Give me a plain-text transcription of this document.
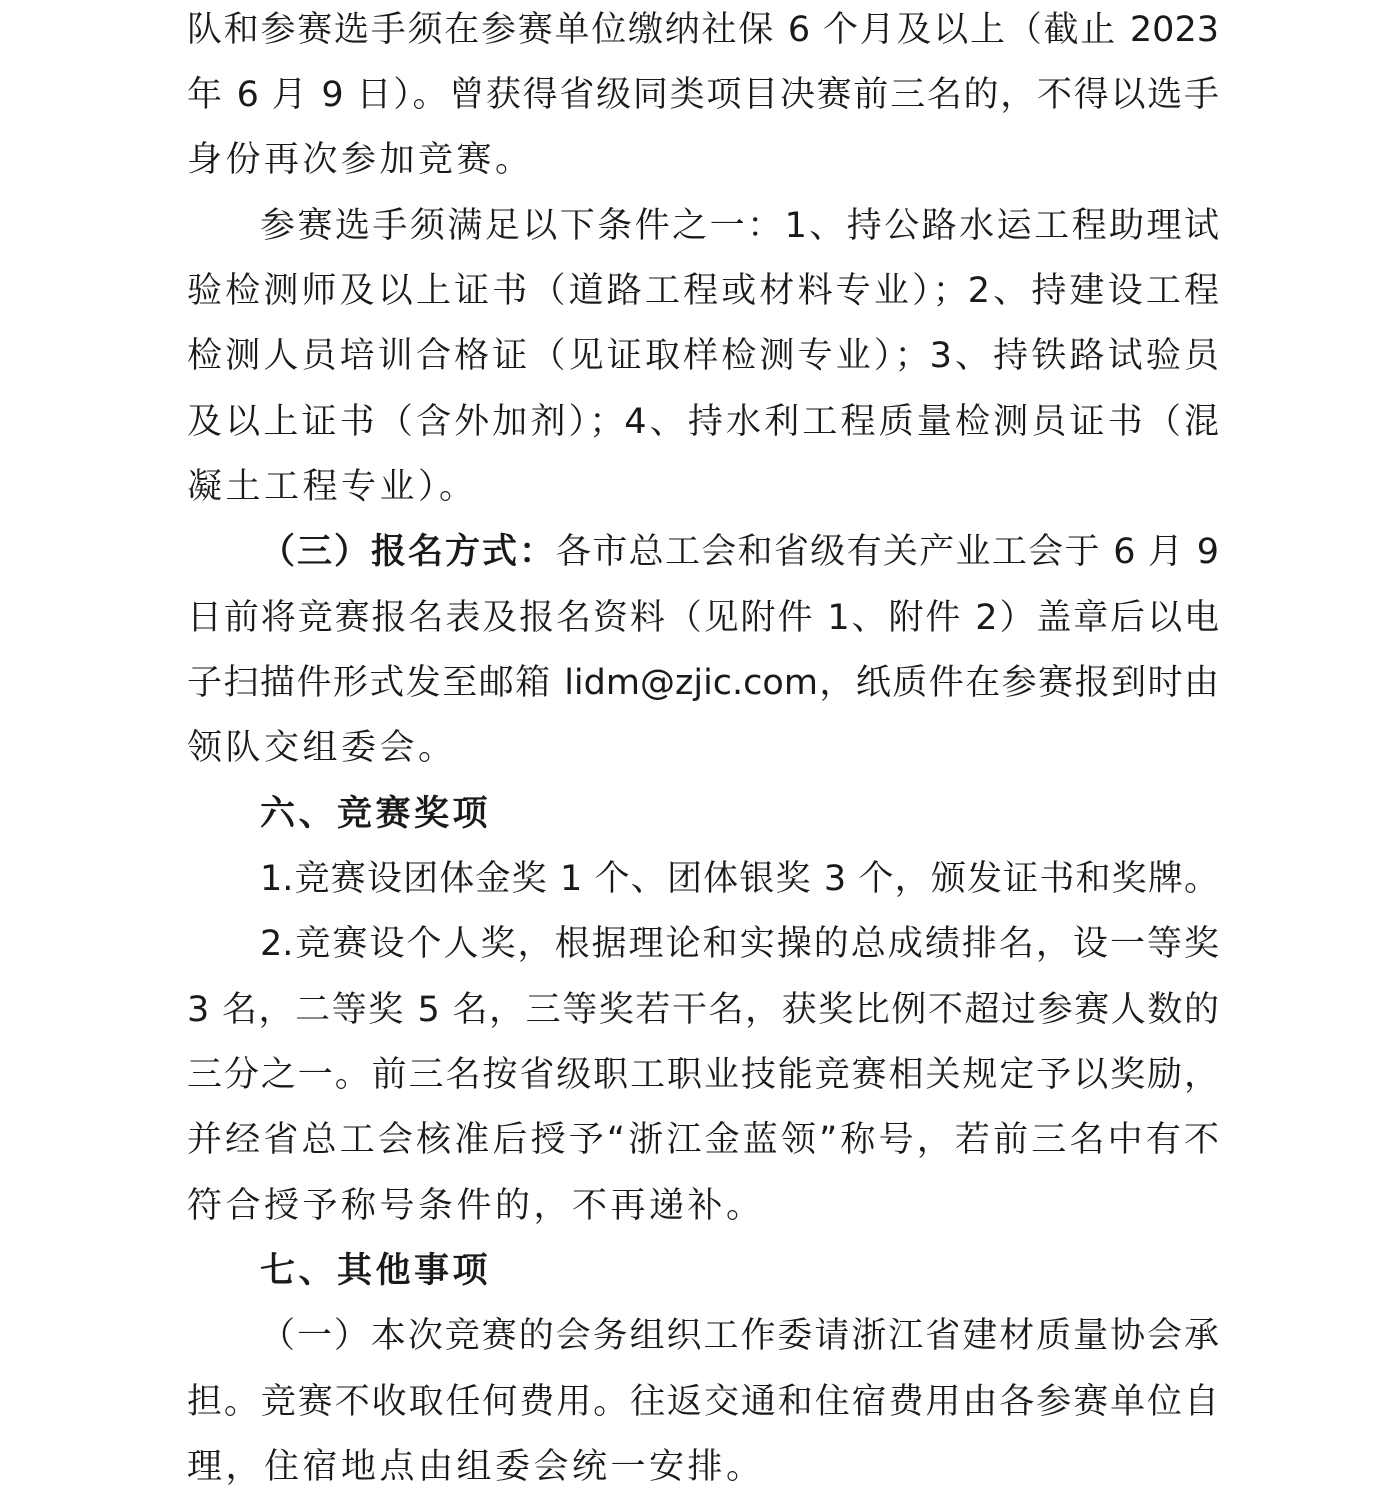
队和参赛选手须在参赛单位缴纳社保 6 个月及以上（截止 2023
年 6 月 9 日）。曾获得省级同类项目决赛前三名的，不得以选手
身份再次参加竞赛。
参赛选手须满足以下条件之一：1、持公路水运工程助理试
验检测师及以上证书（道路工程或材料专业）；2、持建设工程
检测人员培训合格证（见证取样检测专业）；3、持铁路试验员
及以上证书（含外加剂）；4、持水利工程质量检测员证书（混
凝土工程专业）。
（三）报名方式： 各市总工会和省级有关产业工会于 6 月 9
日前将竞赛报名表及报名资料（见附件 1、附件 2）盖章后以电
子扫描件形式发至邮箱 lidm@zjic.com，纸质件在参赛报到时由
领队交组委会。
六、竞赛奖项
1.竞赛设团体金奖 1 个、团体银奖 3 个，颁发证书和奖牌。
2.竞赛设个人奖，根据理论和实操的总成绩排名，设一等奖
3 名，二等奖 5 名，三等奖若干名，获奖比例不超过参赛人数的
三分之一。前三名按省级职工职业技能竞赛相关规定予以奖励，
并经省总工会核准后授予“浙江金蓝领”称号，若前三名中有不
符合授予称号条件的，不再递补。
七、其他事项
（一）本次竞赛的会务组织工作委请浙江省建材质量协会承
担。竞赛不收取任何费用。往返交通和住宿费用由各参赛单位自
理，住宿地点由组委会统一安排。
